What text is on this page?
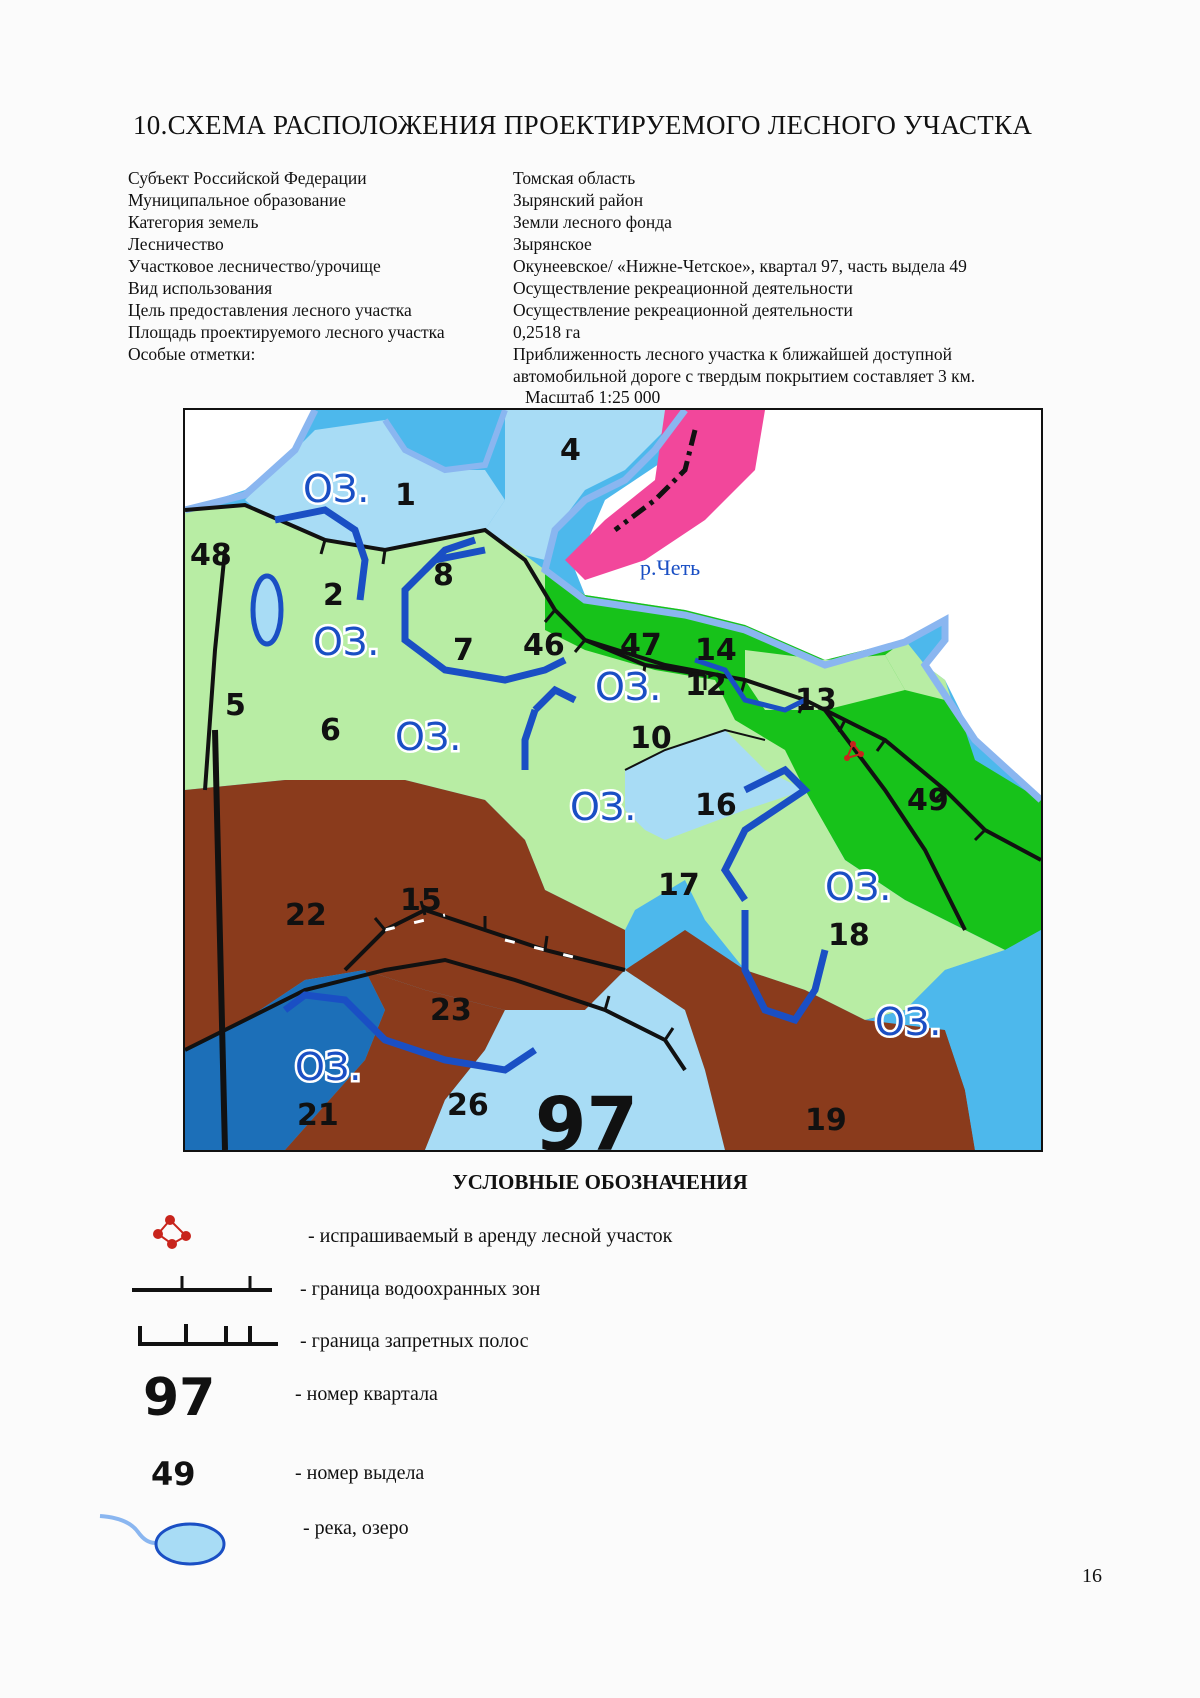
10.СХЕМА РАСПОЛОЖЕНИЯ ПРОЕКТИРУЕМОГО ЛЕСНОГО УЧАСТКА
Субъект Российской Федерации	Томская область
Муниципальное образование	Зырянский район
Категория земель	Земли лесного фонда
Лесничество	Зырянское
Участковое лесничество/урочище	Окунеевское/ «Нижне-Четское», квартал 97, часть выдела 49
Вид использования	Осуществление рекреационной деятельности
Цель предоставления лесного участка	Осуществление рекреационной деятельности
Площадь проектируемого лесного участка	0,2518 га
Особые отметки:	Приближенность лесного участка к ближайшей доступной автомобильной дороге с твердым покрытием составляет 3 км.
Масштаб 1:25 000
1
2
4
5
6
7
8
10
12 13
14
15
16
17
18
19
21
22
23
26
46 47
48
49
97
р.Четь
ОЗ.
ОЗ.
ОЗ.
ОЗ.
ОЗ.
ОЗ.
ОЗ.
ОЗ.
УСЛОВНЫЕ ОБОЗНАЧЕНИЯ
- испрашиваемый в аренду лесной участок
- граница водоохранных зон
- граница запретных полос
97	- номер квартала
49	- номер выдела
- река, озеро
16
